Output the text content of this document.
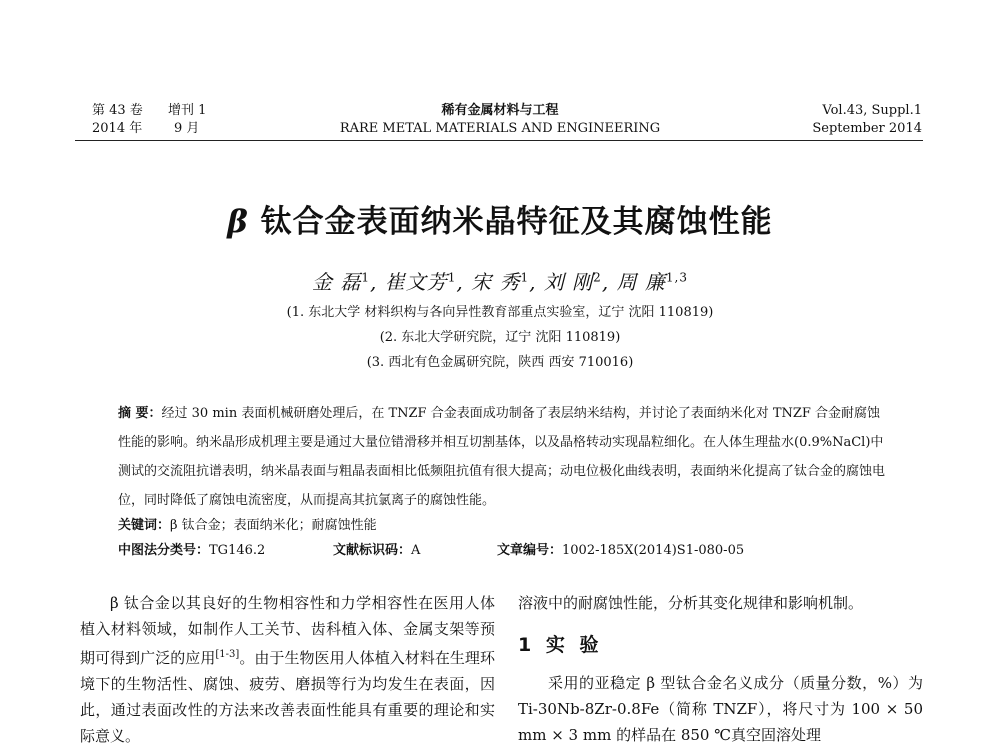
第 43 卷 增刊 1
2014 年 9 月
稀有金属材料与工程
RARE METAL MATERIALS AND ENGINEERING
Vol.43, Suppl.1
September 2014
β 钛合金表面纳米晶特征及其腐蚀性能
金 磊$^1$, 崔文芳$^1$, 宋 秀$^1$, 刘 刚$^2$, 周 廉$^{1,3}$
(1. 东北大学 材料织构与各向异性教育部重点实验室，辽宁 沈阳 110819)
(2. 东北大学研究院，辽宁 沈阳 110819)
(3. 西北有色金属研究院，陕西 西安 710016)
摘 要：经过 30 min 表面机械研磨处理后，在 TNZF 合金表面成功制备了表层纳米结构，并讨论了表面纳米化对 TNZF 合金耐腐蚀性能的影响。纳米晶形成机理主要是通过大量位错滑移并相互切割基体，以及晶格转动实现晶粒细化。在人体生理盐水(0.9%NaCl)中测试的交流阻抗谱表明，纳米晶表面与粗晶表面相比低频阻抗值有很大提高；动电位极化曲线表明，表面纳米化提高了钛合金的腐蚀电位，同时降低了腐蚀电流密度，从而提高其抗氯离子的腐蚀性能。
关键词：β 钛合金；表面纳米化；耐腐蚀性能
中图法分类号：TG146.2	文献标识码：A	文章编号：1002-185X(2014)S1-080-05
β 钛合金以其良好的生物相容性和力学相容性在医用人体植入材料领域，如制作人工关节、齿科植入体、金属支架等预期可得到广泛的应用[1-3]。由于生物医用人体植入材料在生理环境下的生物活性、腐蚀、疲劳、磨损等行为均发生在表面，因此，通过表面改性的方法来改善表面性能具有重要的理论和实际意义。
溶液中的耐腐蚀性能，分析其变化规律和影响机制。
1 实 验
采用的亚稳定 β 型钛合金名义成分（质量分数，%）为 Ti-30Nb-8Zr-0.8Fe（简称 TNZF），将尺寸为 100 × 50 mm × 3 mm 的样品在 850 ℃真空固溶处理
